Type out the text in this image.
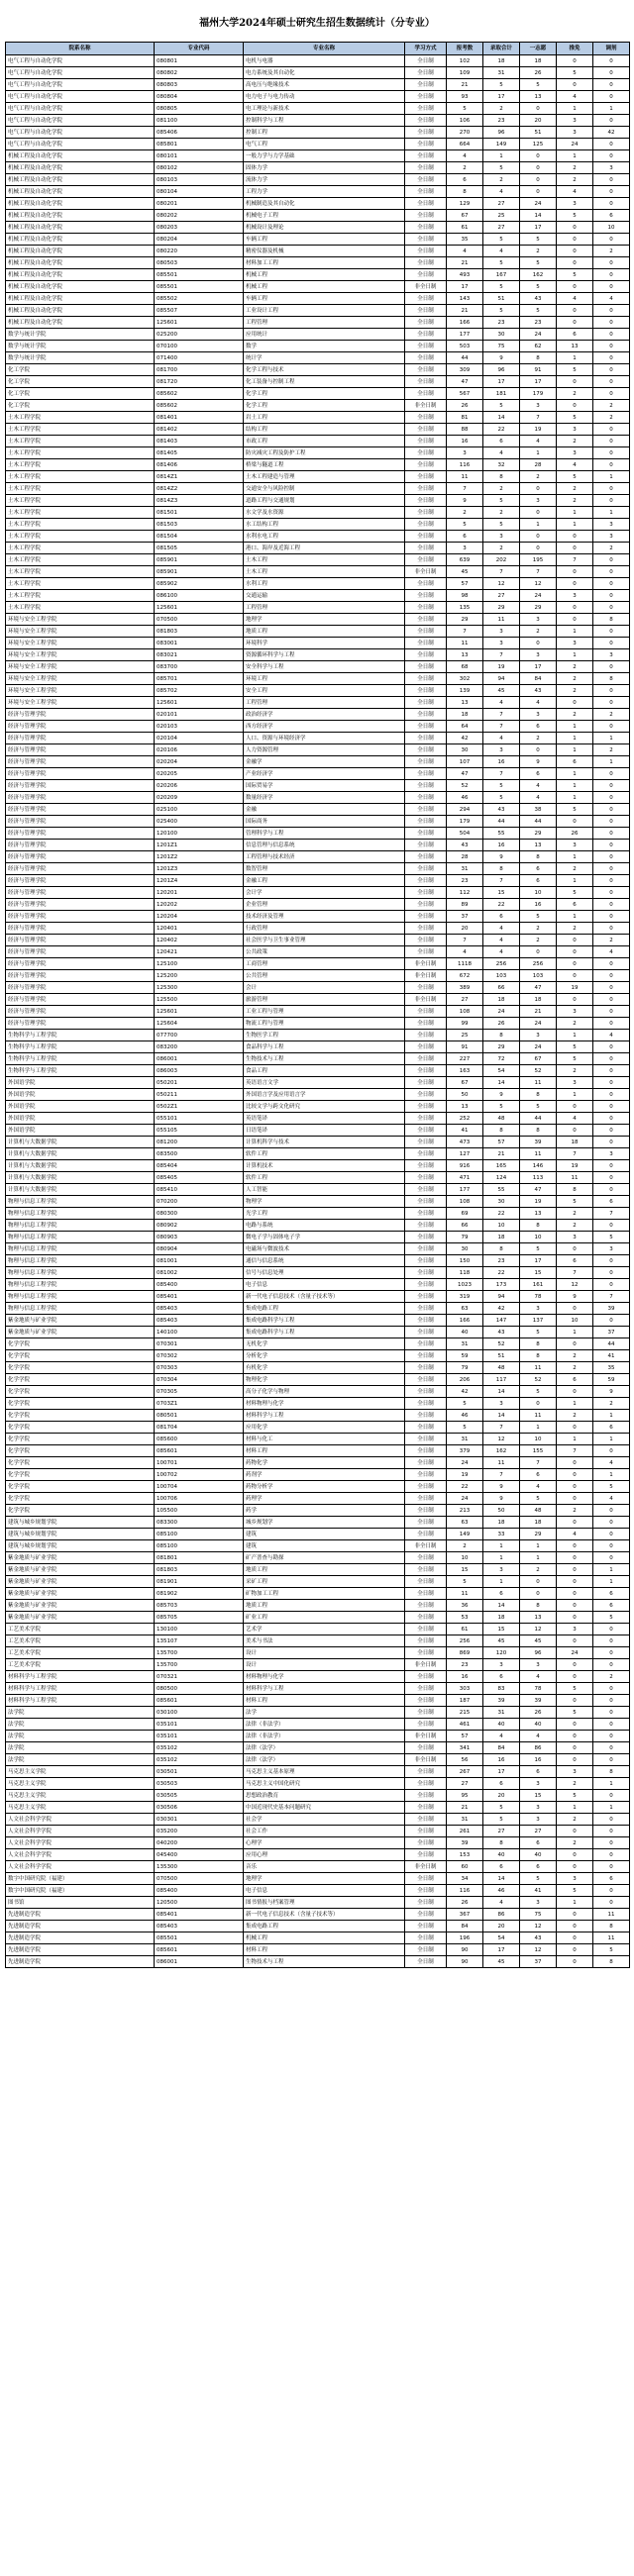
福州大学2024年硕士研究生招生数据统计（分专业）
院系名称	专业代码	专业名称	学习方式	报考数	录取合计	一志愿	推免	调剂
电气工程与自动化学院	080801	电机与电器	全日制	102	18	18	0	0
电气工程与自动化学院	080802	电力系统及其自动化	全日制	109	31	26	5	0
电气工程与自动化学院	080803	高电压与绝缘技术	全日制	21	5	5	0	0
电气工程与自动化学院	080804	电力电子与电力传动	全日制	93	17	13	4	0
电气工程与自动化学院	080805	电工理论与新技术	全日制	5	2	0	1	1
电气工程与自动化学院	081100	控制科学与工程	全日制	106	23	20	3	0
电气工程与自动化学院	085406	控制工程	全日制	270	96	51	3	42
电气工程与自动化学院	085801	电气工程	全日制	664	149	125	24	0
机械工程及自动化学院	080101	一般力学与力学基础	全日制	4	1	0	1	0
机械工程及自动化学院	080102	固体力学	全日制	2	5	0	2	3
机械工程及自动化学院	080103	流体力学	全日制	6	2	0	2	0
机械工程及自动化学院	080104	工程力学	全日制	8	4	0	4	0
机械工程及自动化学院	080201	机械制造及其自动化	全日制	129	27	24	3	0
机械工程及自动化学院	080202	机械电子工程	全日制	67	25	14	5	6
机械工程及自动化学院	080203	机械设计及理论	全日制	61	27	17	0	10
机械工程及自动化学院	080204	车辆工程	全日制	35	5	5	0	0
机械工程及自动化学院	080220	精密仪器及机械	全日制	4	4	2	0	2
机械工程及自动化学院	080503	材料加工工程	全日制	21	5	5	0	0
机械工程及自动化学院	085501	机械工程	全日制	493	167	162	5	0
机械工程及自动化学院	085501	机械工程	非全日制	17	5	5	0	0
机械工程及自动化学院	085502	车辆工程	全日制	143	51	43	4	4
机械工程及自动化学院	085507	工业设计工程	全日制	21	5	5	0	0
机械工程及自动化学院	125601	工程管理	全日制	166	23	23	0	0
数学与统计学院	025200	应用统计	全日制	177	30	24	6	0
数学与统计学院	070100	数学	全日制	503	75	62	13	0
数学与统计学院	071400	统计学	全日制	44	9	8	1	0
化工学院	081700	化学工程与技术	全日制	309	96	91	5	0
化工学院	081720	化工装备与控制工程	全日制	47	17	17	0	0
化工学院	085602	化学工程	全日制	567	181	179	2	0
化工学院	085602	化学工程	非全日制	26	5	3	0	2
土木工程学院	081401	岩土工程	全日制	81	14	7	5	2
土木工程学院	081402	结构工程	全日制	88	22	19	3	0
土木工程学院	081403	市政工程	全日制	16	6	4	2	0
土木工程学院	081405	防灾减灾工程及防护工程	全日制	3	4	1	3	0
土木工程学院	081406	桥梁与隧道工程	全日制	116	32	28	4	0
土木工程学院	0814Z1	土木工程建造与管理	全日制	11	8	2	5	1
土木工程学院	0814Z2	交通安全与风险控制	全日制	7	2	0	2	0
土木工程学院	0814Z3	道路工程与交通规划	全日制	9	5	3	2	0
土木工程学院	081501	水文学及水资源	全日制	2	2	0	1	1
土木工程学院	081503	水工结构工程	全日制	5	5	1	1	3
土木工程学院	081504	水利水电工程	全日制	6	3	0	0	3
土木工程学院	081505	港口、海岸及近海工程	全日制	3	2	0	0	2
土木工程学院	085901	土木工程	全日制	639	202	195	7	0
土木工程学院	085901	土木工程	非全日制	45	7	7	0	0
土木工程学院	085902	水利工程	全日制	57	12	12	0	0
土木工程学院	086100	交通运输	全日制	98	27	24	3	0
土木工程学院	125601	工程管理	全日制	135	29	29	0	0
环境与安全工程学院	070500	地理学	全日制	29	11	3	0	8
环境与安全工程学院	081803	地质工程	全日制	7	3	2	1	0
环境与安全工程学院	083001	环境科学	全日制	11	3	0	3	0
环境与安全工程学院	083021	资源循环科学与工程	全日制	13	7	3	1	3
环境与安全工程学院	083700	安全科学与工程	全日制	68	19	17	2	0
环境与安全工程学院	085701	环境工程	全日制	302	94	84	2	8
环境与安全工程学院	085702	安全工程	全日制	139	45	43	2	0
环境与安全工程学院	125601	工程管理	全日制	13	4	4	0	0
经济与管理学院	020101	政治经济学	全日制	18	7	3	2	2
经济与管理学院	020103	西方经济学	全日制	64	7	6	1	0
经济与管理学院	020104	人口、资源与环境经济学	全日制	42	4	2	1	1
经济与管理学院	020106	人力资源管理	全日制	30	3	0	1	2
经济与管理学院	020204	金融学	全日制	107	16	9	6	1
经济与管理学院	020205	产业经济学	全日制	47	7	6	1	0
经济与管理学院	020206	国际贸易学	全日制	52	5	4	1	0
经济与管理学院	020209	数量经济学	全日制	46	5	4	1	0
经济与管理学院	025100	金融	全日制	294	43	38	5	0
经济与管理学院	025400	国际商务	全日制	179	44	44	0	0
经济与管理学院	120100	管理科学与工程	全日制	504	55	29	26	0
经济与管理学院	1201Z1	信息管理与信息系统	全日制	43	16	13	3	0
经济与管理学院	1201Z2	工程管理与技术经济	全日制	28	9	8	1	0
经济与管理学院	1201Z3	数智管理	全日制	31	8	6	2	0
经济与管理学院	1201Z4	金融工程	全日制	23	7	6	1	0
经济与管理学院	120201	会计学	全日制	112	15	10	5	0
经济与管理学院	120202	企业管理	全日制	89	22	16	6	0
经济与管理学院	120204	技术经济及管理	全日制	37	6	5	1	0
经济与管理学院	120401	行政管理	全日制	20	4	2	2	0
经济与管理学院	120402	社会医学与卫生事业管理	全日制	7	4	2	0	2
经济与管理学院	120421	公共政策	全日制	4	4	0	0	4
经济与管理学院	125100	工商管理	非全日制	1118	256	256	0	0
经济与管理学院	125200	公共管理	非全日制	672	103	103	0	0
经济与管理学院	125300	会计	全日制	389	66	47	19	0
经济与管理学院	125500	旅游管理	非全日制	27	18	18	0	0
经济与管理学院	125601	工业工程与管理	全日制	108	24	21	3	0
经济与管理学院	125604	物流工程与管理	全日制	99	26	24	2	0
生物科学与工程学院	077700	生物医学工程	全日制	25	8	3	1	4
生物科学与工程学院	083200	食品科学与工程	全日制	91	29	24	5	0
生物科学与工程学院	086001	生物技术与工程	全日制	227	72	67	5	0
生物科学与工程学院	086003	食品工程	全日制	163	54	52	2	0
外国语学院	050201	英语语言文学	全日制	67	14	11	3	0
外国语学院	050211	外国语言学及应用语言学	全日制	50	9	8	1	0
外国语学院	0502Z1	比较文学与跨文化研究	全日制	13	5	5	0	0
外国语学院	055101	英语笔译	全日制	252	48	44	4	0
外国语学院	055105	日语笔译	全日制	41	8	8	0	0
计算机与大数据学院	081200	计算机科学与技术	全日制	473	57	39	18	0
计算机与大数据学院	083500	软件工程	全日制	127	21	11	7	3
计算机与大数据学院	085404	计算机技术	全日制	916	165	146	19	0
计算机与大数据学院	085405	软件工程	全日制	471	124	113	11	0
计算机与大数据学院	085410	人工智能	全日制	177	55	47	8	0
物理与信息工程学院	070200	物理学	全日制	108	30	19	5	6
物理与信息工程学院	080300	光学工程	全日制	69	22	13	2	7
物理与信息工程学院	080902	电路与系统	全日制	66	10	8	2	0
物理与信息工程学院	080903	微电子学与固体电子学	全日制	79	18	10	3	5
物理与信息工程学院	080904	电磁场与微波技术	全日制	30	8	5	0	3
物理与信息工程学院	081001	通信与信息系统	全日制	150	23	17	6	0
物理与信息工程学院	081002	信号与信息处理	全日制	118	22	15	7	0
物理与信息工程学院	085400	电子信息	全日制	1023	173	161	12	0
物理与信息工程学院	085401	新一代电子信息技术（含量子技术等）	全日制	319	94	78	9	7
物理与信息工程学院	085403	集成电路工程	全日制	63	42	3	0	39
紫金地质与矿业学院	085403	集成电路科学与工程	全日制	166	147	137	10	0
紫金地质与矿业学院	140100	集成电路科学与工程	全日制	40	43	5	1	37
化学学院	070301	无机化学	全日制	31	52	8	0	44
化学学院	070302	分析化学	全日制	59	51	8	2	41
化学学院	070303	有机化学	全日制	79	48	11	2	35
化学学院	070304	物理化学	全日制	206	117	52	6	59
化学学院	070305	高分子化学与物理	全日制	42	14	5	0	9
化学学院	0703Z1	材料物理与化学	全日制	5	3	0	1	2
化学学院	080501	材料科学与工程	全日制	46	14	11	2	1
化学学院	081704	应用化学	全日制	5	7	1	0	6
化学学院	085600	材料与化工	全日制	31	12	10	1	1
化学学院	085601	材料工程	全日制	379	162	155	7	0
化学学院	100701	药物化学	全日制	24	11	7	0	4
化学学院	100702	药剂学	全日制	19	7	6	0	1
化学学院	100704	药物分析学	全日制	22	9	4	0	5
化学学院	100706	药理学	全日制	24	9	5	0	4
化学学院	105500	药学	全日制	213	50	48	2	0
建筑与城乡规划学院	083300	城乡规划学	全日制	63	18	18	0	0
建筑与城乡规划学院	085100	建筑	全日制	149	33	29	4	0
建筑与城乡规划学院	085100	建筑	非全日制	2	1	1	0	0
紫金地质与矿业学院	081801	矿产普查与勘探	全日制	10	1	1	0	0
紫金地质与矿业学院	081803	地质工程	全日制	15	3	2	0	1
紫金地质与矿业学院	081901	采矿工程	全日制	5	1	0	0	1
紫金地质与矿业学院	081902	矿物加工工程	全日制	11	6	0	0	6
紫金地质与矿业学院	085703	地质工程	全日制	36	14	8	0	6
紫金地质与矿业学院	085705	矿业工程	全日制	53	18	13	0	5
工艺美术学院	130100	艺术学	全日制	61	15	12	3	0
工艺美术学院	135107	美术与书法	全日制	256	45	45	0	0
工艺美术学院	135700	设计	全日制	869	120	96	24	0
工艺美术学院	135700	设计	非全日制	23	3	3	0	0
材料科学与工程学院	070321	材料物理与化学	全日制	16	6	4	0	2
材料科学与工程学院	080500	材料科学与工程	全日制	303	83	78	5	0
材料科学与工程学院	085601	材料工程	全日制	187	39	39	0	0
法学院	030100	法学	全日制	215	31	26	5	0
法学院	035101	法律（非法学）	全日制	461	40	40	0	0
法学院	035101	法律（非法学）	非全日制	57	4	4	0	0
法学院	035102	法律（法学）	全日制	341	84	86	0	0
法学院	035102	法律（法学）	非全日制	56	16	16	0	0
马克思主义学院	030501	马克思主义基本原理	全日制	267	17	6	3	8
马克思主义学院	030503	马克思主义中国化研究	全日制	27	6	3	2	1
马克思主义学院	030505	思想政治教育	全日制	95	20	15	5	0
马克思主义学院	030506	中国近现代史基本问题研究	全日制	21	5	3	1	1
人文社会科学学院	030301	社会学	全日制	31	5	3	2	0
人文社会科学学院	035200	社会工作	全日制	261	27	27	0	0
人文社会科学学院	040200	心理学	全日制	39	8	6	2	0
人文社会科学学院	045400	应用心理	全日制	153	40	40	0	0
人文社会科学学院	135300	音乐	非全日制	60	6	6	0	0
数字中国研究院（福建）	070500	地理学	全日制	34	14	5	3	6
数字中国研究院（福建）	085400	电子信息	全日制	116	46	41	5	0
图书馆	120500	图书情报与档案管理	全日制	26	4	3	1	0
先进制造学院	085401	新一代电子信息技术（含量子技术等）	全日制	367	86	75	0	11
先进制造学院	085403	集成电路工程	全日制	84	20	12	0	8
先进制造学院	085501	机械工程	全日制	196	54	43	0	11
先进制造学院	085601	材料工程	全日制	90	17	12	0	5
先进制造学院	086001	生物技术与工程	全日制	90	45	37	0	8
